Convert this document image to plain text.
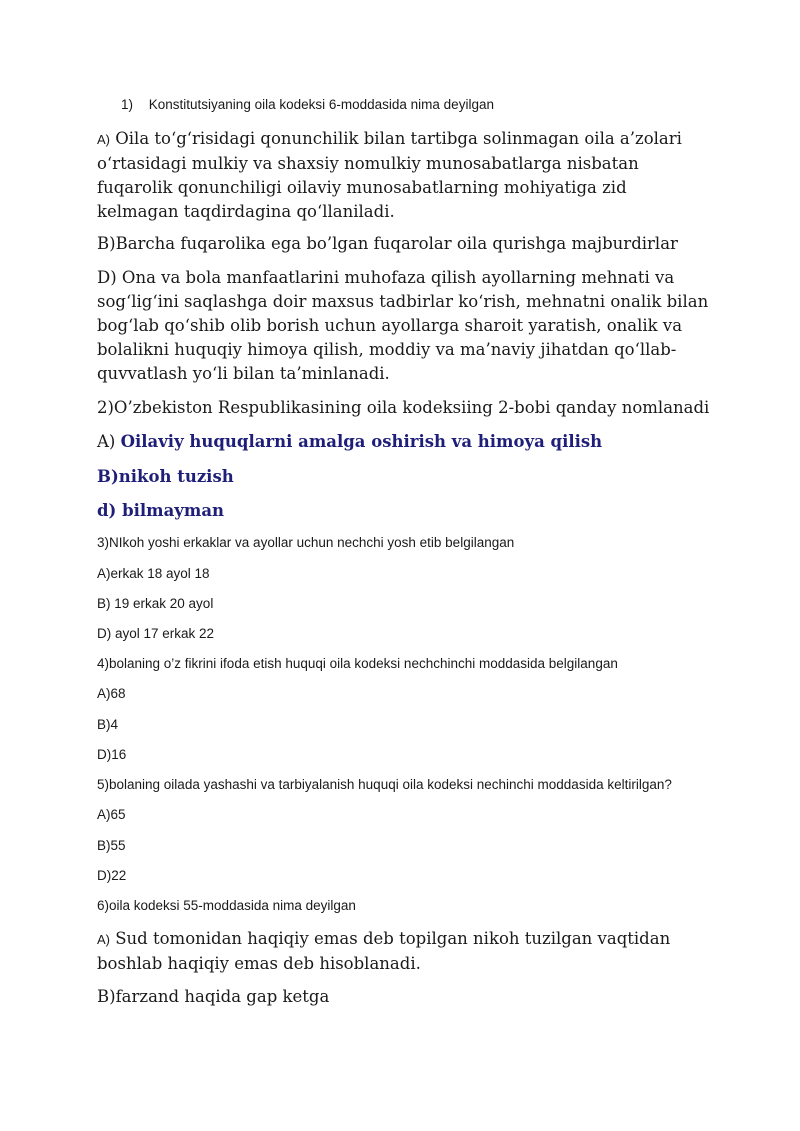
1) Konstitutsiyaning oila kodeksi 6-moddasida nima deyilgan

A) Oila to‘g‘risidagi qonunchilik bilan tartibga solinmagan oila a’zolari o‘rtasidagi mulkiy va shaxsiy nomulkiy munosabatlarga nisbatan fuqarolik qonunchiligi oilaviy munosabatlarning mohiyatiga zid kelmagan taqdirdagina qo‘llaniladi.

B)Barcha fuqarolika ega bo’lgan fuqarolar oila qurishga majburdirlar

D) Ona va bola manfaatlarini muhofaza qilish ayollarning mehnati va sog‘lig‘ini saqlashga doir maxsus tadbirlar ko‘rish, mehnatni onalik bilan bog‘lab qo‘shib olib borish uchun ayollarga sharoit yaratish, onalik va bolalikni huquqiy himoya qilish, moddiy va ma’naviy jihatdan qo‘llab-quvvatlash yo‘li bilan ta’minlanadi.

2)O’zbekiston Respublikasining oila kodeksiing 2-bobi qanday nomlanadi

A) Oilaviy huquqlarni amalga oshirish va himoya qilish

B)nikoh tuzish

d) bilmayman

3)NIkoh yoshi erkaklar va ayollar uchun nechchi yosh etib belgilangan

A)erkak 18 ayol 18

B) 19 erkak 20 ayol

D) ayol 17 erkak 22

4)bolaning o’z fikrini ifoda etish huquqi oila kodeksi nechchinchi moddasida belgilangan

A)68

B)4

D)16

5)bolaning oilada yashashi va tarbiyalanish huquqi oila kodeksi nechinchi moddasida keltirilgan?

A)65

B)55

D)22

6)oila kodeksi 55-moddasida nima deyilgan

A) Sud tomonidan haqiqiy emas deb topilgan nikoh tuzilgan vaqtidan boshlab haqiqiy emas deb hisoblanadi.

B)farzand haqida gap ketga
